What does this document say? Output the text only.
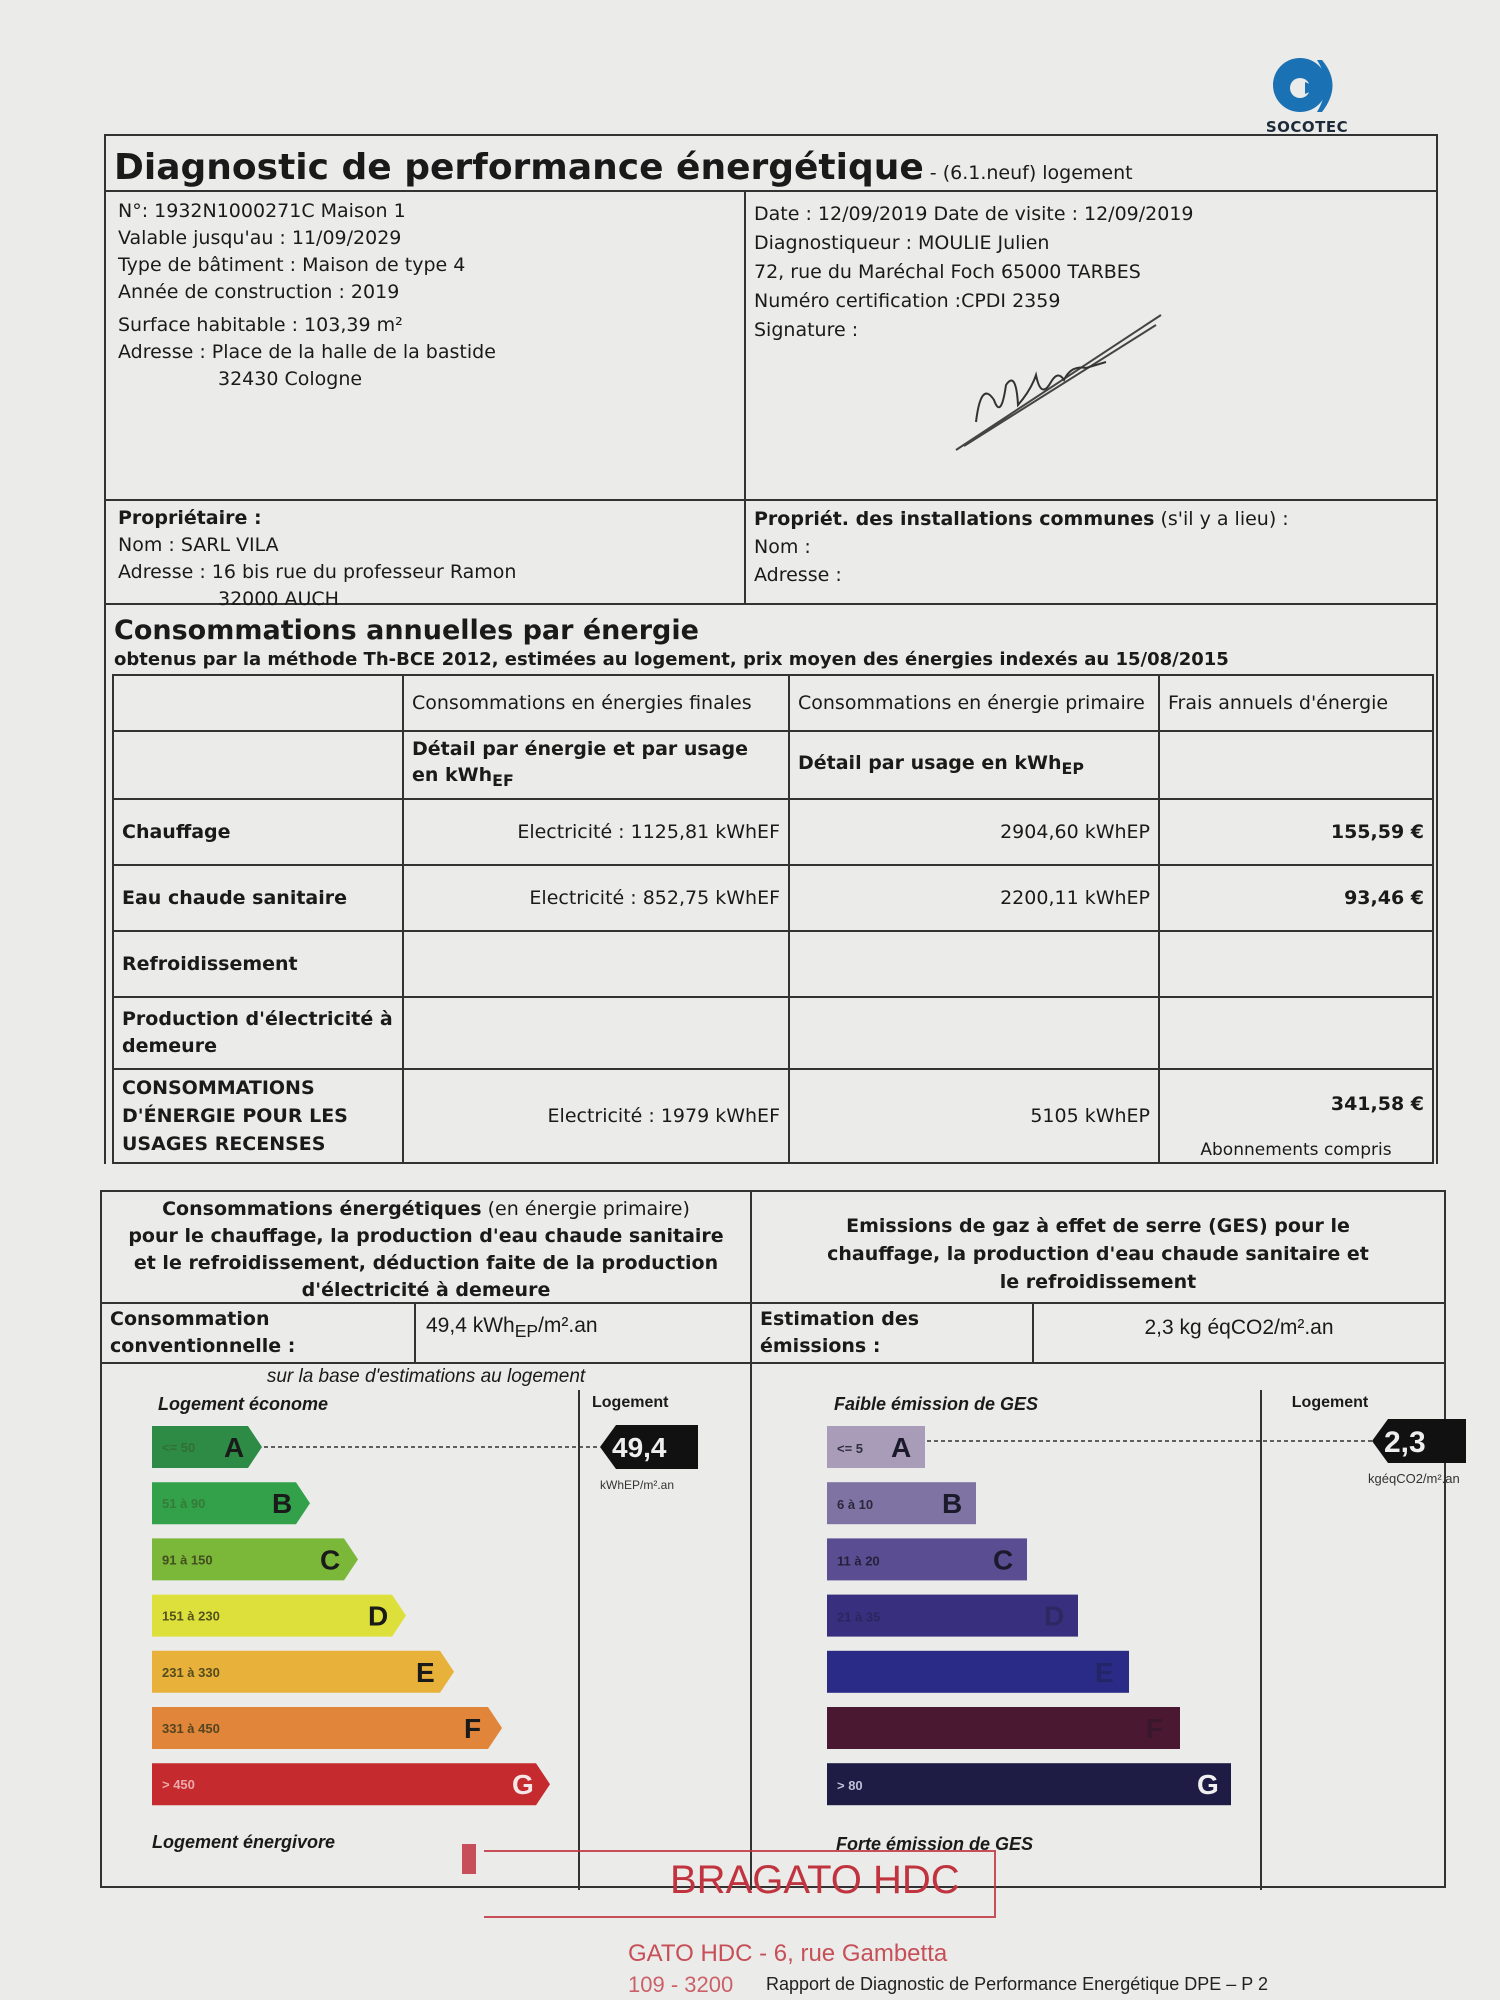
SOCOTEC
Diagnostic de performance énergétique - (6.1.neuf) logement
N°: 1932N1000271C Maison 1
Valable jusqu'au : 11/09/2029
Type de bâtiment : Maison de type 4
Année de construction : 2019
Surface habitable : 103,39 m²
Adresse : Place de la halle de la bastide
32430 Cologne
Date : 12/09/2019 Date de visite : 12/09/2019
Diagnostiqueur : MOULIE Julien
72, rue du Maréchal Foch 65000 TARBES
Numéro certification :CPDI 2359
Signature :
Propriétaire :
Nom : SARL VILA
Adresse : 16 bis rue du professeur Ramon
32000 AUCH
Propriét. des installations communes (s'il y a lieu) :
Nom :
Adresse :
Consommations annuelles par énergie
obtenus par la méthode Th-BCE 2012, estimées au logement, prix moyen des énergies indexés au 15/08/2015
	Consommations en énergies finales	Consommations en énergie primaire	Frais annuels d'énergie
	Détail par énergie et par usage en kWh$_{EF}$	Détail par usage en kWh$_{EP}$	
Chauffage	Electricité : 1125,81 kWhEF	2904,60 kWhEP	155,59 €
Eau chaude sanitaire	Electricité : 852,75 kWhEF	2200,11 kWhEP	93,46 €
Refroidissement			
Production d'électricité à demeure			
CONSOMMATIONS D'ÉNERGIE POUR LES USAGES RECENSES	Electricité : 1979 kWhEF	5105 kWhEP	341,58 €
Abonnements compris
Consommations énergétiques (en énergie primaire)
pour le chauffage, la production d'eau chaude sanitaire et le refroidissement, déduction faite de la production d'électricité à demeure
Emissions de gaz à effet de serre (GES) pour le chauffage, la production d'eau chaude sanitaire et le refroidissement
Consommation conventionnelle :
49,4 kWh$_{EP}$/m².an	Estimation des émissions :
2,3 kg éqCO2/m².an
sur la base d'estimations au logement
Logement économe	Logement
<= 50 A
51 à 90 B
91 à 150	C
151 à 230	D
231 à 330	E
331 à 450	F
> 450	G
49,4
kWhEP/m².an
Logement énergivore
Faible émission de GES	Logement
<= 5 A
6 à 10 B
11 à 20	C
21 à 35	D
E
F
> 80	G
2,3
kgéqCO2/m².an
Forte émission de GES
BRAGATO HDC
GATO HDC - 6, rue Gambetta
109 - 3200 Rapport de Diagnostic de Performance Energétique DPE – P 2
